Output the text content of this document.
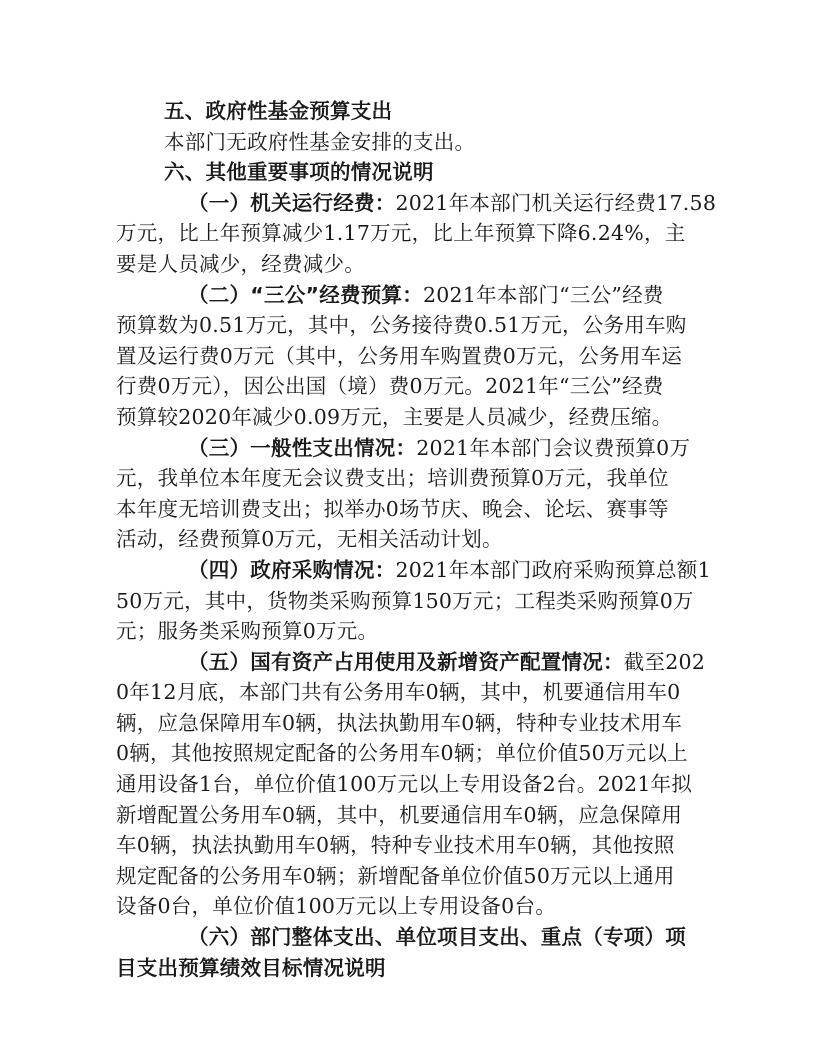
五、政府性基金预算支出
本部门无政府性基金安排的支出。
六、其他重要事项的情况说明
（一）机关运行经费：2021年本部门机关运行经费17.58
万元，比上年预算减少1.17万元，比上年预算下降6.24%，主
要是人员减少，经费减少。
（二）“三公”经费预算：2021年本部门“三公”经费
预算数为0.51万元，其中，公务接待费0.51万元，公务用车购
置及运行费0万元（其中，公务用车购置费0万元，公务用车运
行费0万元），因公出国（境）费0万元。2021年“三公”经费
预算较2020年减少0.09万元，主要是人员减少，经费压缩。
（三）一般性支出情况：2021年本部门会议费预算0万
元，我单位本年度无会议费支出；培训费预算0万元，我单位
本年度无培训费支出；拟举办0场节庆、晚会、论坛、赛事等
活动，经费预算0万元，无相关活动计划。
（四）政府采购情况：2021年本部门政府采购预算总额1
50万元，其中，货物类采购预算150万元；工程类采购预算0万
元；服务类采购预算0万元。
（五）国有资产占用使用及新增资产配置情况：截至202
0年12月底，本部门共有公务用车0辆，其中，机要通信用车0
辆，应急保障用车0辆，执法执勤用车0辆，特种专业技术用车
0辆，其他按照规定配备的公务用车0辆；单位价值50万元以上
通用设备1台，单位价值100万元以上专用设备2台。2021年拟
新增配置公务用车0辆，其中，机要通信用车0辆，应急保障用
车0辆，执法执勤用车0辆，特种专业技术用车0辆，其他按照
规定配备的公务用车0辆；新增配备单位价值50万元以上通用
设备0台，单位价值100万元以上专用设备0台。
（六）部门整体支出、单位项目支出、重点（专项）项
目支出预算绩效目标情况说明
